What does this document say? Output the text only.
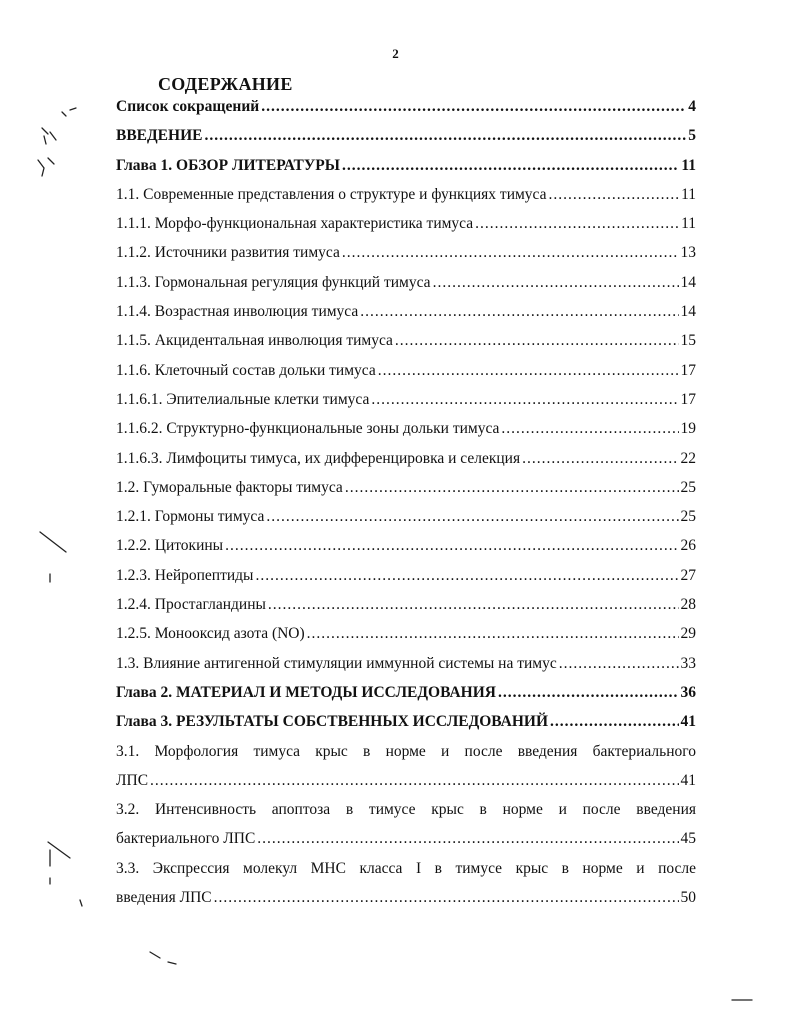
2
СОДЕРЖАНИЕ
Список сокращений .....	4
ВВЕДЕНИЕ .....	5
Глава 1. ОБЗОР ЛИТЕРАТУРЫ .....	11
1.1. Современные представления о структуре и функциях тимуса .....	11
1.1.1. Морфо-функциональная характеристика тимуса .....	11
1.1.2. Источники развития тимуса .....	13
1.1.3. Гормональная регуляция функций тимуса .....	14
1.1.4. Возрастная инволюция тимуса .....	14
1.1.5. Акцидентальная инволюция тимуса .....	15
1.1.6. Клеточный состав дольки тимуса .....	17
1.1.6.1. Эпителиальные клетки тимуса .....	17
1.1.6.2. Структурно-функциональные зоны дольки тимуса .....	19
1.1.6.3. Лимфоциты тимуса, их дифференцировка и селекция .....	22
1.2. Гуморальные факторы тимуса .....	25
1.2.1. Гормоны тимуса .....	25
1.2.2. Цитокины .....	26
1.2.3. Нейропептиды .....	27
1.2.4. Простагландины .....	28
1.2.5. Монооксид азота (NO) .....	29
1.3. Влияние антигенной стимуляции иммунной системы на тимус .....	33
Глава 2. МАТЕРИАЛ И МЕТОДЫ ИССЛЕДОВАНИЯ .....	36
Глава 3. РЕЗУЛЬТАТЫ СОБСТВЕННЫХ ИССЛЕДОВАНИЙ .....	41
3.1. Морфология тимуса крыс в норме и после введения бактериального
ЛПС .....	41
3.2. Интенсивность апоптоза в тимусе крыс в норме и после введения
бактериального ЛПС .....	45
3.3. Экспрессия молекул МНС класса I в тимусе крыс в норме и после
введения ЛПС .....	50
